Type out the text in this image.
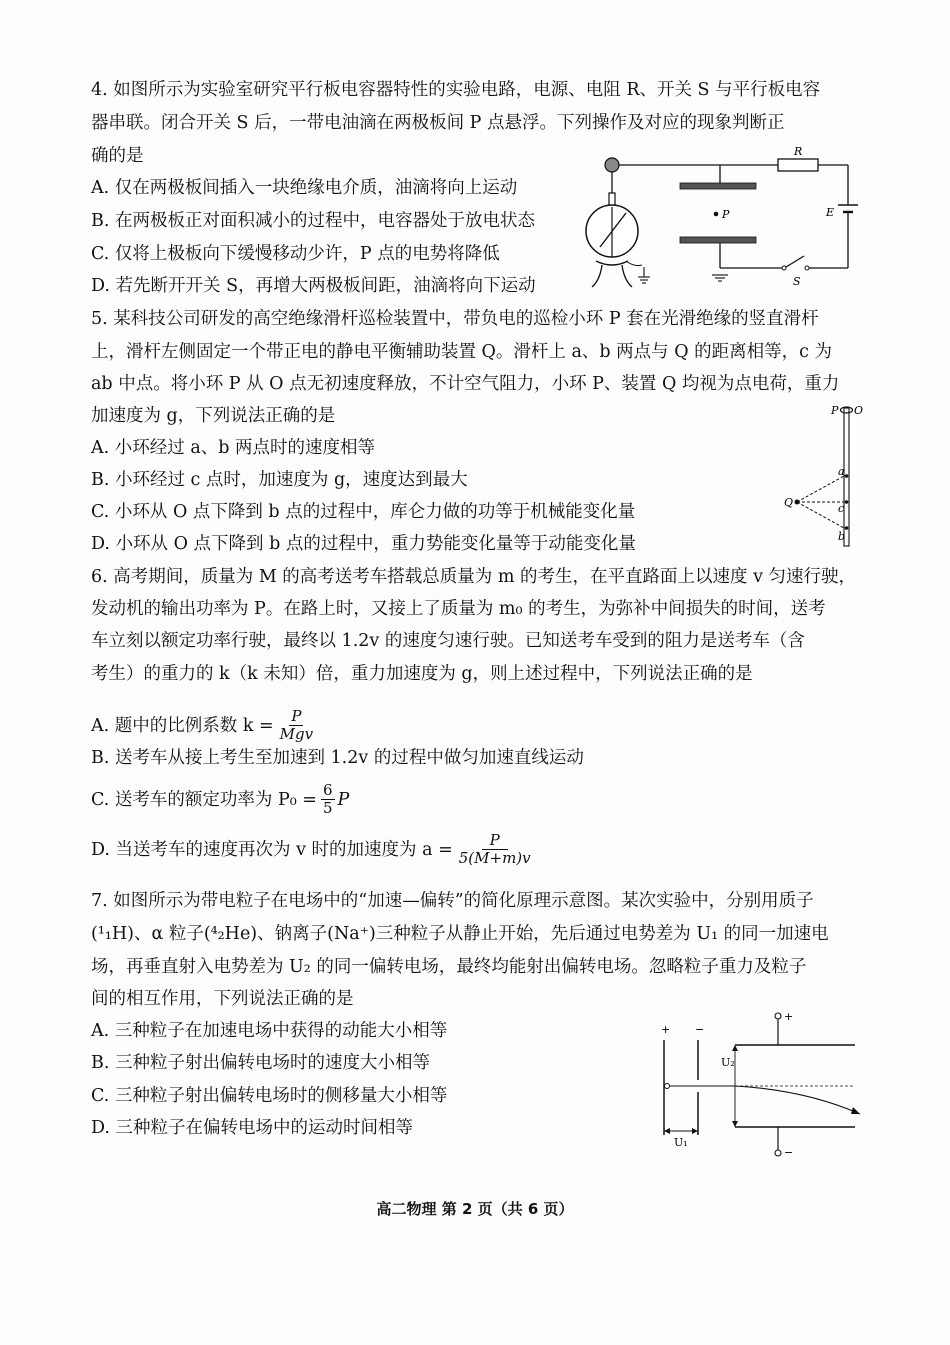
4. 如图所示为实验室研究平行板电容器特性的实验电路，电源、电阻 R、开关 S 与平行板电容
器串联。闭合开关 S 后，一带电油滴在两极板间 P 点悬浮。下列操作及对应的现象判断正
确的是
A. 仅在两极板间插入一块绝缘电介质，油滴将向上运动
B. 在两极板正对面积减小的过程中，电容器处于放电状态
C. 仅将上极板向下缓慢移动少许，P 点的电势将降低
D. 若先断开开关 S，再增大两极板间距，油滴将向下运动
P
S
R
E
5. 某科技公司研发的高空绝缘滑杆巡检装置中，带负电的巡检小环 P 套在光滑绝缘的竖直滑杆
上，滑杆左侧固定一个带正电的静电平衡辅助装置 Q。滑杆上 a、b 两点与 Q 的距离相等，c 为
ab 中点。将小环 P 从 O 点无初速度释放，不计空气阻力，小环 P、装置 Q 均视为点电荷，重力
加速度为 g，下列说法正确的是
A. 小环经过 a、b 两点时的速度相等
B. 小环经过 c 点时，加速度为 g，速度达到最大
C. 小环从 O 点下降到 b 点的过程中，库仑力做的功等于机械能变化量
D. 小环从 O 点下降到 b 点的过程中，重力势能变化量等于动能变化量
P O
Q
a
c
b
6. 高考期间，质量为 M 的高考送考车搭载总质量为 m 的考生，在平直路面上以速度 v 匀速行驶，
发动机的输出功率为 P。在路上时，又接上了质量为 m₀ 的考生，为弥补中间损失的时间，送考
车立刻以额定功率行驶，最终以 1.2v 的速度匀速行驶。已知送考车受到的阻力是送考车（含
考生）的重力的 k（k 未知）倍，重力加速度为 g，则上述过程中，下列说法正确的是
A. 题中的比例系数 k = P
Mgv
B. 送考车从接上考生至加速到 1.2v 的过程中做匀加速直线运动
C. 送考车的额定功率为 $P_0 = \frac{6}{5}$ P
D. 当送考车的速度再次为 v 时的加速度为 $a = \frac{P}{5(M+m)v}$
7. 如图所示为带电粒子在电场中的“加速—偏转”的简化原理示意图。某次实验中，分别用质子
(¹₁H)、α 粒子(⁴₂He)、钠离子(Na⁺)三种粒子从静止开始，先后通过电势差为 U₁ 的同一加速电
场，再垂直射入电势差为 U₂ 的同一偏转电场，最终均能射出偏转电场。忽略粒子重力及粒子
间的相互作用，下列说法正确的是
A. 三种粒子在加速电场中获得的动能大小相等
B. 三种粒子射出偏转电场时的速度大小相等
C. 三种粒子射出偏转电场时的侧移量大小相等
D. 三种粒子在偏转电场中的运动时间相等
+
−
U₂
+ −
U₁
高二物理 第 2 页（共 6 页）
